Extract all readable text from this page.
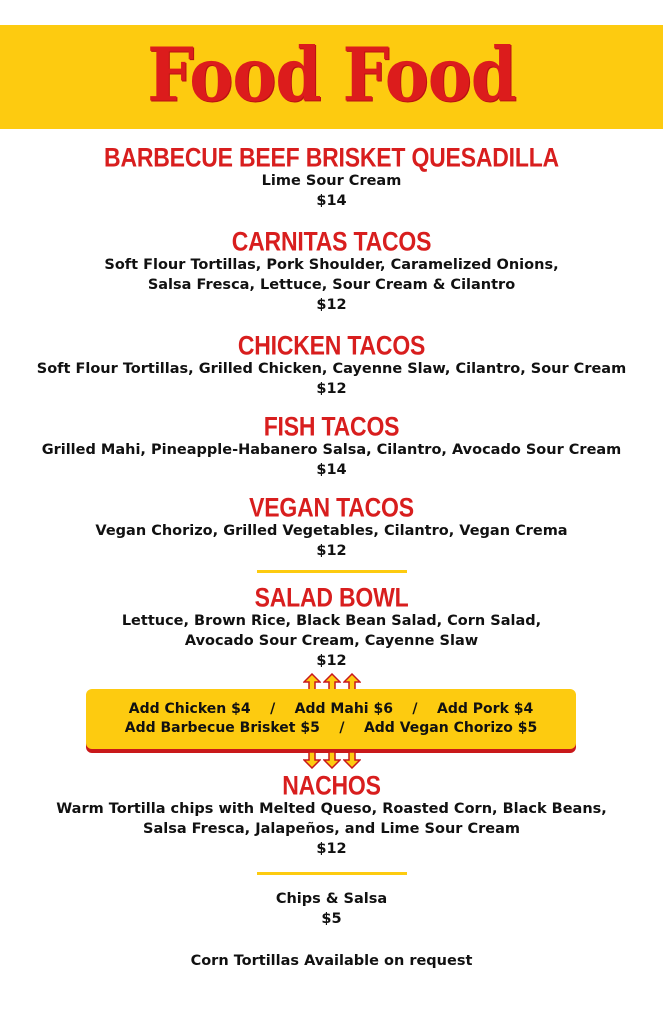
Food Food
BARBECUE BEEF BRISKET QUESADILLA
Lime Sour Cream
$14
CARNITAS TACOS
Soft Flour Tortillas, Pork Shoulder, Caramelized Onions,
Salsa Fresca, Lettuce, Sour Cream & Cilantro
$12
CHICKEN TACOS
Soft Flour Tortillas, Grilled Chicken, Cayenne Slaw, Cilantro, Sour Cream
$12
FISH TACOS
Grilled Mahi, Pineapple-Habanero Salsa, Cilantro, Avocado Sour Cream
$14
VEGAN TACOS
Vegan Chorizo, Grilled Vegetables, Cilantro, Vegan Crema
$12
SALAD BOWL
Lettuce, Brown Rice, Black Bean Salad, Corn Salad,
Avocado Sour Cream, Cayenne Slaw
$12
Add Chicken $4    /    Add Mahi $6    /    Add Pork $4
Add Barbecue Brisket $5    /    Add Vegan Chorizo $5
NACHOS
Warm Tortilla chips with Melted Queso, Roasted Corn, Black Beans,
Salsa Fresca, Jalapeños, and Lime Sour Cream
$12
Chips & Salsa
$5
Corn Tortillas Available on request
